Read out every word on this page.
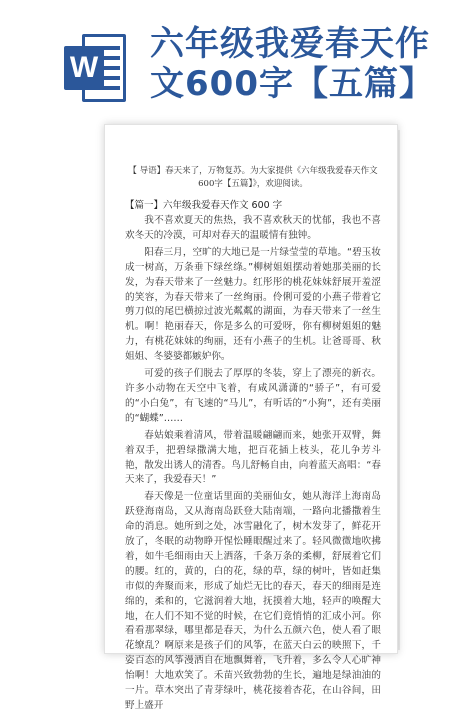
W
六年级我爱春天作文600字【五篇】
【 导语】春天来了，万物复苏。为大家提供《六年级我爱春天作文600字【五篇】》，欢迎阅读。
【篇一】六年级我爱春天作文 600 字

我不喜欢夏天的焦热，我不喜欢秋天的忧郁，我也不喜欢冬天的冷漠，可却对春天的温暖情有独钟。

阳春三月，空旷的大地已是一片绿莹莹的草地。“碧玉妆成一树高，万条垂下绿丝绦。”柳树姐姐摆动着她那美丽的长发，为春天带来了一丝魅力。红彤彤的桃花妹妹舒展开羞涩的笑容，为春天带来了一丝绚丽。伶俐可爱的小燕子带着它剪刀似的尾巴横掠过波光粼粼的湖面，为春天带来了一丝生机。啊！艳丽春天，你是多么的可爱呀，你有柳树姐姐的魅力，有桃花妹妹的绚丽，还有小燕子的生机。让爸哥哥、秋姐姐、冬婆婆都嫉妒你。

可爱的孩子们脱去了厚厚的冬装，穿上了漂亮的新衣。许多小动物在天空中飞着，有咸风潇潇的“骄子”，有可爱的“小白兔”，有飞速的“马儿”，有听话的“小狗”，还有美丽的“蝴蝶”……

春姑娘乘着清风，带着温暖翩翩而来，她张开双臂，舞着双手，把碧绿撒满大地，把百花插上枝头，花儿争芳斗艳，散发出诱人的清香。鸟儿舒畅自由，向着蓝天高唱：“春天来了，我爱春天！”

春天像是一位童话里面的美丽仙女，她从海洋上海南岛跃登海南岛，又从海南岛跃登大陆南端，一路向北播撒着生命的消息。她所到之处，冰雪融化了，树木发芽了，鲜花开放了，冬眠的动物睁开惺忪睡眼醒过来了。轻风微微地吹拂着，如牛毛细雨由天上洒落，千条万条的柔柳，舒展着它们的腰。红的，黄的，白的花，绿的草，绿的树叶，皆如赶集市似的奔聚而来，形成了灿烂无比的春天，春天的细雨是连绵的，柔和的，它滋润着大地，抚摸着大地，轻声的唤醒大地，在人们不知不觉的时候，在它们竟悄悄的汇成小河。你看看那翠绿，哪里都是春天，为什么五颜六色，使人看了眼花缭乱？啊原来是孩子们的风筝，在蓝天白云的映照下，千姿百态的风筝漫洒自在地飘舞着，飞升着，多么令人心旷神怡啊！大地欢笑了。禾苗兴致勃勃的生长，遍地是绿油油的一片。草木突出了青芽绿叶，桃花接着杏花，在山谷间，田野上盛开
